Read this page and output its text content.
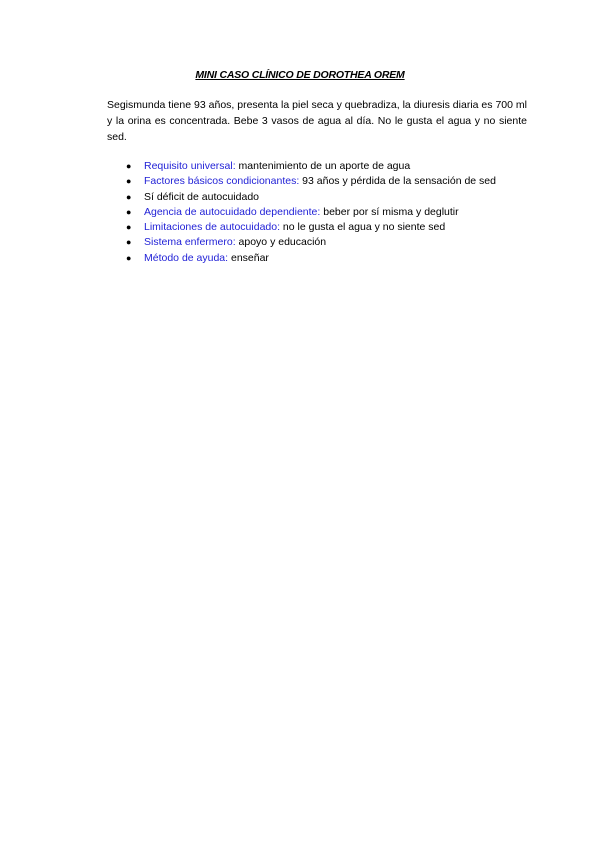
MINI CASO CLÍNICO DE DOROTHEA OREM

Segismunda tiene 93 años, presenta la piel seca y quebradiza, la diuresis diaria es 700 ml y la orina es concentrada. Bebe 3 vasos de agua al día. No le gusta el agua y no siente sed.

● Requisito universal: mantenimiento de un aporte de agua
● Factores básicos condicionantes: 93 años y pérdida de la sensación de sed
● Sí déficit de autocuidado
● Agencia de autocuidado dependiente: beber por sí misma y deglutir
● Limitaciones de autocuidado: no le gusta el agua y no siente sed
● Sistema enfermero: apoyo y educación
● Método de ayuda: enseñar
